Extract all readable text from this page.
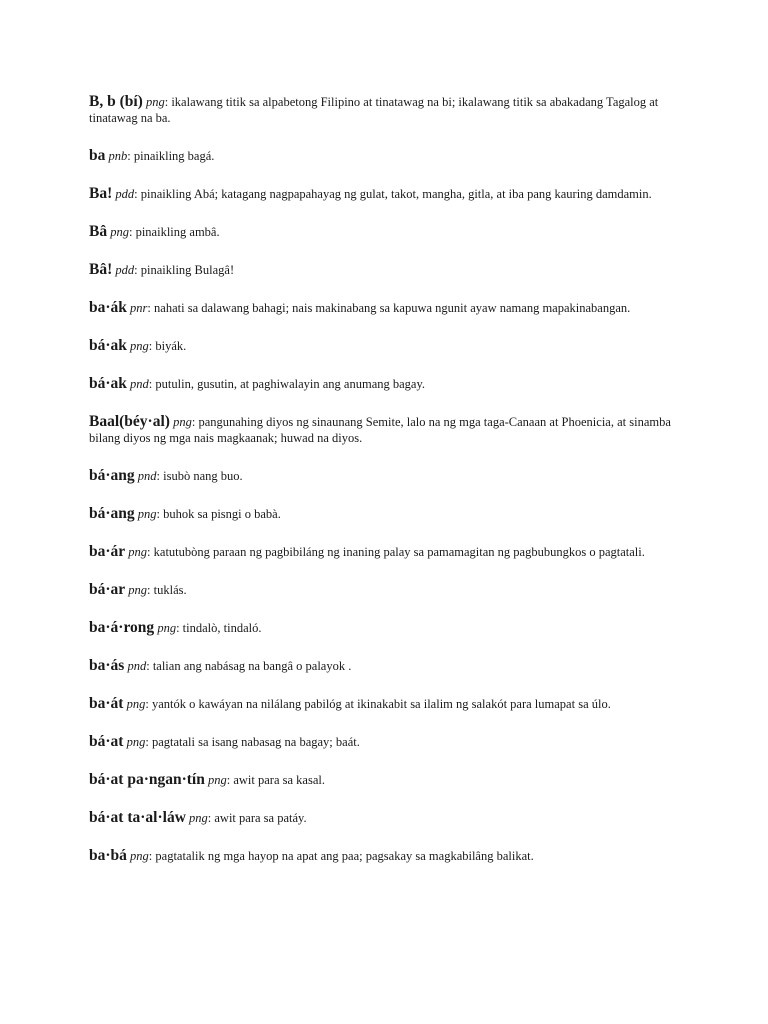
B, b (bí) png: ikalawang titik sa alpabetong Filipino at tinatawag na bi; ikalawang titik sa abakadang Tagalog at tinatawag na ba.

ba pnb: pinaikling bagá.

Ba! pdd: pinaikling Abá; katagang nagpapahayag ng gulat, takot, mangha, gitla, at iba pang kauring damdamin.

Bâ png: pinaikling ambâ.

Bâ! pdd: pinaikling Bulagâ!

ba·ák pnr: nahati sa dalawang bahagi; nais makinabang sa kapuwa ngunit ayaw namang mapakinabangan.

bá·ak png: biyák.

bá·ak pnd: putulin, gusutin, at paghiwalayin ang anumang bagay.

Baal(béy·al) png: pangunahing diyos ng sinaunang Semite, lalo na ng mga taga-Canaan at Phoenicia, at sinamba bilang diyos ng mga nais magkaanak; huwad na diyos.

bá·ang pnd: isubò nang buo.

bá·ang png: buhok sa pisngi o babà.

ba·ár png: katutubòng paraan ng pagbibiláng ng inaning palay sa pamamagitan ng pagbubungkos o pagtatali.

bá·ar png: tuklás.

ba·á·rong png: tindalò, tindaló.

ba·ás pnd: talian ang nabásag na bangâ o palayok .

ba·át png: yantók o kawáyan na nilálang pabilóg at ikinakabit sa ilalim ng salakót para lumapat sa úlo.

bá·at png: pagtatali sa isang nabasag na bagay; baát.

bá·at pa·ngan·tín png: awit para sa kasal.

bá·at ta·al·láw png: awit para sa patáy.

ba·bá png: pagtatalik ng mga hayop na apat ang paa; pagsakay sa magkabilâng balikat.
